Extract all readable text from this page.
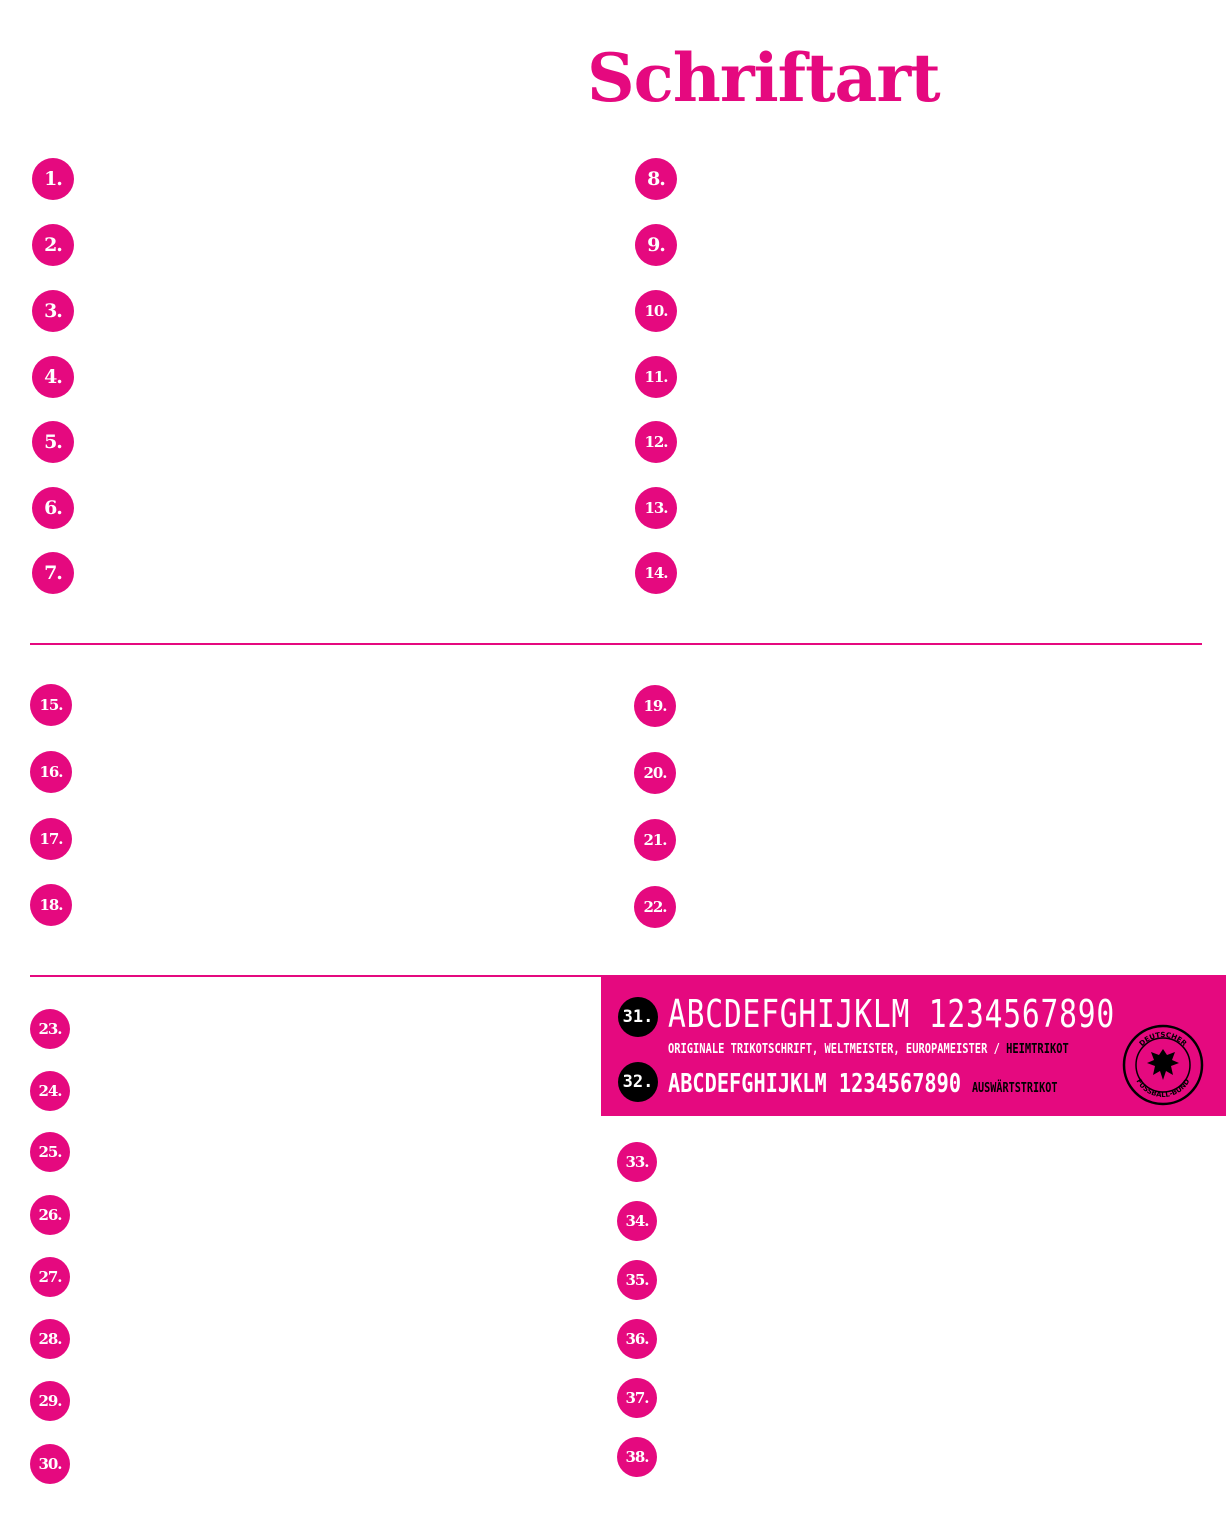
Schriftart
1.
2.
3.
4.
5.
6.
7.
8.
9.
10.
11.
12.
13.
14.
15.
16.
17.
18.
19.
20.
21.
22.
23.
24.
25.
26.
27.
28.
29.
30.
33.
34.
35.
36.
37.
38.
31. ABCDEFGHIJKLM 1234567890
ORIGINALE TRIKOTSCHRIFT, WELTMEISTER, EUROPAMEISTER / HEIMTRIKOT
32. ABCDEFGHIJKLM 1234567890 AUSWÄRTSTRIKOT
DEUTSCHER
FUSSBALL-BUND
